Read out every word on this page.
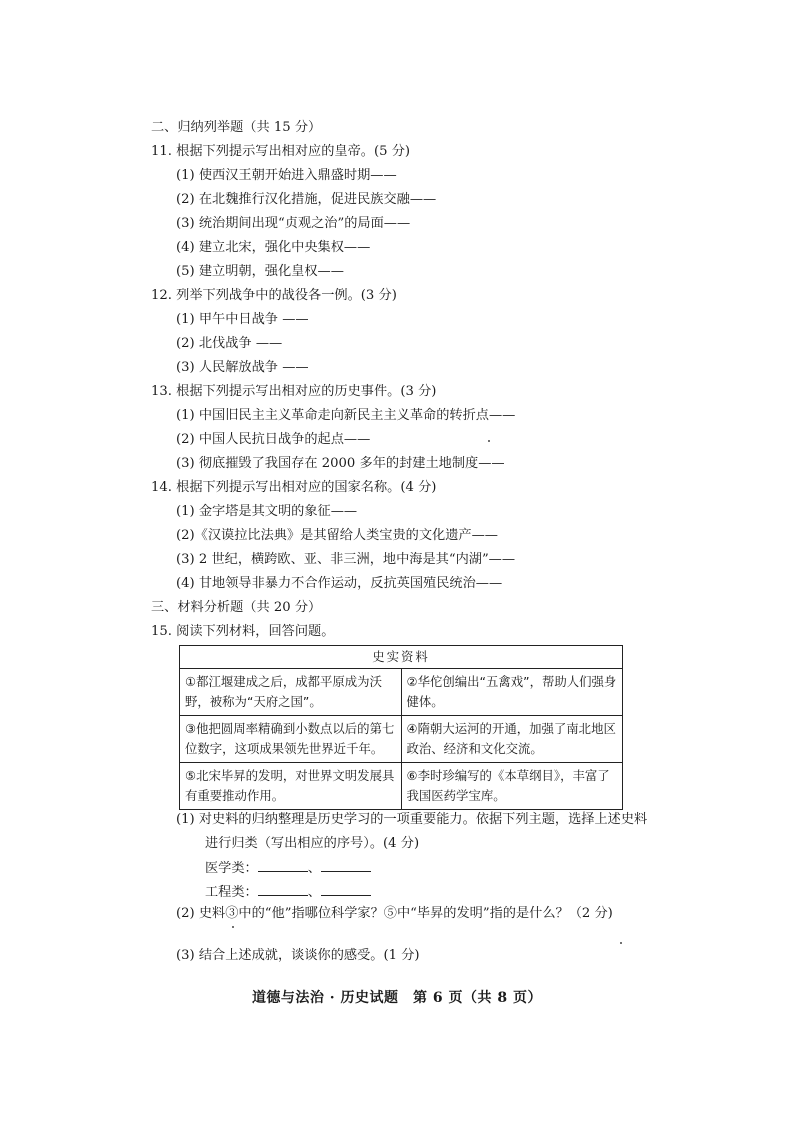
二、归纳列举题（共 15 分）
11. 根据下列提示写出相对应的皇帝。(5 分)
(1) 使西汉王朝开始进入鼎盛时期——
(2) 在北魏推行汉化措施，促进民族交融——
(3) 统治期间出现“贞观之治”的局面——
(4) 建立北宋，强化中央集权——
(5) 建立明朝，强化皇权——
12. 列举下列战争中的战役各一例。(3 分)
(1) 甲午中日战争 ——
(2) 北伐战争 ——
(3) 人民解放战争 ——
13. 根据下列提示写出相对应的历史事件。(3 分)
(1) 中国旧民主主义革命走向新民主主义革命的转折点——
(2) 中国人民抗日战争的起点——
(3) 彻底摧毁了我国存在 2000 多年的封建土地制度——
14. 根据下列提示写出相对应的国家名称。(4 分)
(1) 金字塔是其文明的象征——
(2)《汉谟拉比法典》是其留给人类宝贵的文化遗产——
(3) 2 世纪，横跨欧、亚、非三洲，地中海是其“内湖”——
(4) 甘地领导非暴力不合作运动，反抗英国殖民统治——
三、材料分析题（共 20 分）
15. 阅读下列材料，回答问题。
史实资料	
①都江堰建成之后，成都平原成为沃野，被称为“天府之国”。	②华佗创编出“五禽戏”，帮助人们强身健体。
③他把圆周率精确到小数点以后的第七位数字，这项成果领先世界近千年。	④隋朝大运河的开通，加强了南北地区政治、经济和文化交流。
⑤北宋毕昇的发明，对世界文明发展具有重要推动作用。	⑥李时珍编写的《本草纲目》，丰富了我国医药学宝库。
(1) 对史料的归纳整理是历史学习的一项重要能力。依据下列主题，选择上述史料
进行归类（写出相应的序号）。(4 分)
医学类：	、
工程类：	、
(2) 史料③中的“他”指哪位科学家？⑤中“毕昇的发明”指的是什么？（2 分)
(3) 结合上述成就，谈谈你的感受。(1 分)
道德与法治 · 历史试题　第 6 页（共 8 页）
